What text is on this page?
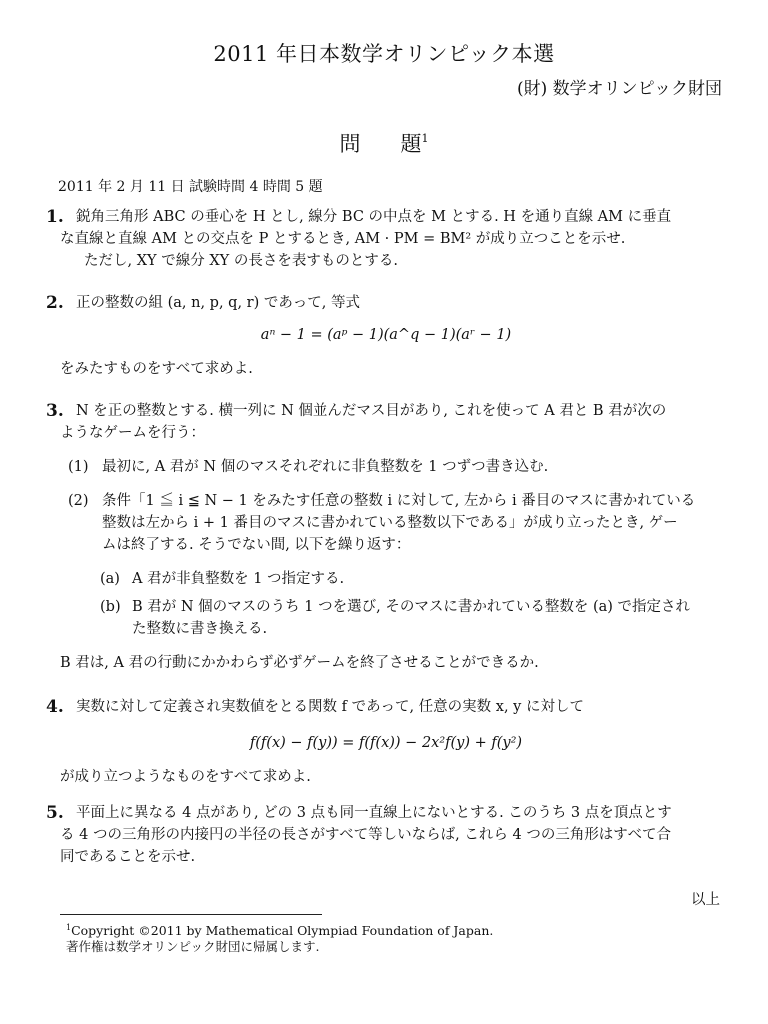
2011 年日本数学オリンピック本選
(財) 数学オリンピック財団
問 題$^1$
2011 年 2 月 11 日 試験時間 4 時間 5 題
1. 鋭角三角形 ABC の垂心を H とし, 線分 BC の中点を M とする. H を通り直線 AM に垂直
な直線と直線 AM との交点を P とするとき, AM · PM = BM² が成り立つことを示せ.
ただし, XY で線分 XY の長さを表すものとする.
2. 正の整数の組 (a, n, p, q, r) であって, 等式
aⁿ − 1 = (aᵖ − 1)(a^q − 1)(aʳ − 1)
をみたすものをすべて求めよ.
3. N を正の整数とする. 横一列に N 個並んだマス目があり, これを使って A 君と B 君が次の
ようなゲームを行う：
(1) 最初に, A 君が N 個のマスそれぞれに非負整数を 1 つずつ書き込む.
(2) 条件「1 ≦ i ≦ N − 1 をみたす任意の整数 i に対して, 左から i 番目のマスに書かれている
整数は左から i + 1 番目のマスに書かれている整数以下である」が成り立ったとき, ゲー
ムは終了する. そうでない間, 以下を繰り返す：
(a) A 君が非負整数を 1 つ指定する.
(b) B 君が N 個のマスのうち 1 つを選び, そのマスに書かれている整数を (a) で指定され
た整数に書き換える.
B 君は, A 君の行動にかかわらず必ずゲームを終了させることができるか.
4. 実数に対して定義され実数値をとる関数 f であって, 任意の実数 x, y に対して
f(f(x) − f(y)) = f(f(x)) − 2x²f(y) + f(y²)
が成り立つようなものをすべて求めよ.
5. 平面上に異なる 4 点があり, どの 3 点も同一直線上にないとする. このうち 3 点を頂点とす
る 4 つの三角形の内接円の半径の長さがすべて等しいならば, これら 4 つの三角形はすべて合
同であることを示せ.
以上
$^1$Copyright ©2011 by Mathematical Olympiad Foundation of Japan.
著作権は数学オリンピック財団に帰属します.
